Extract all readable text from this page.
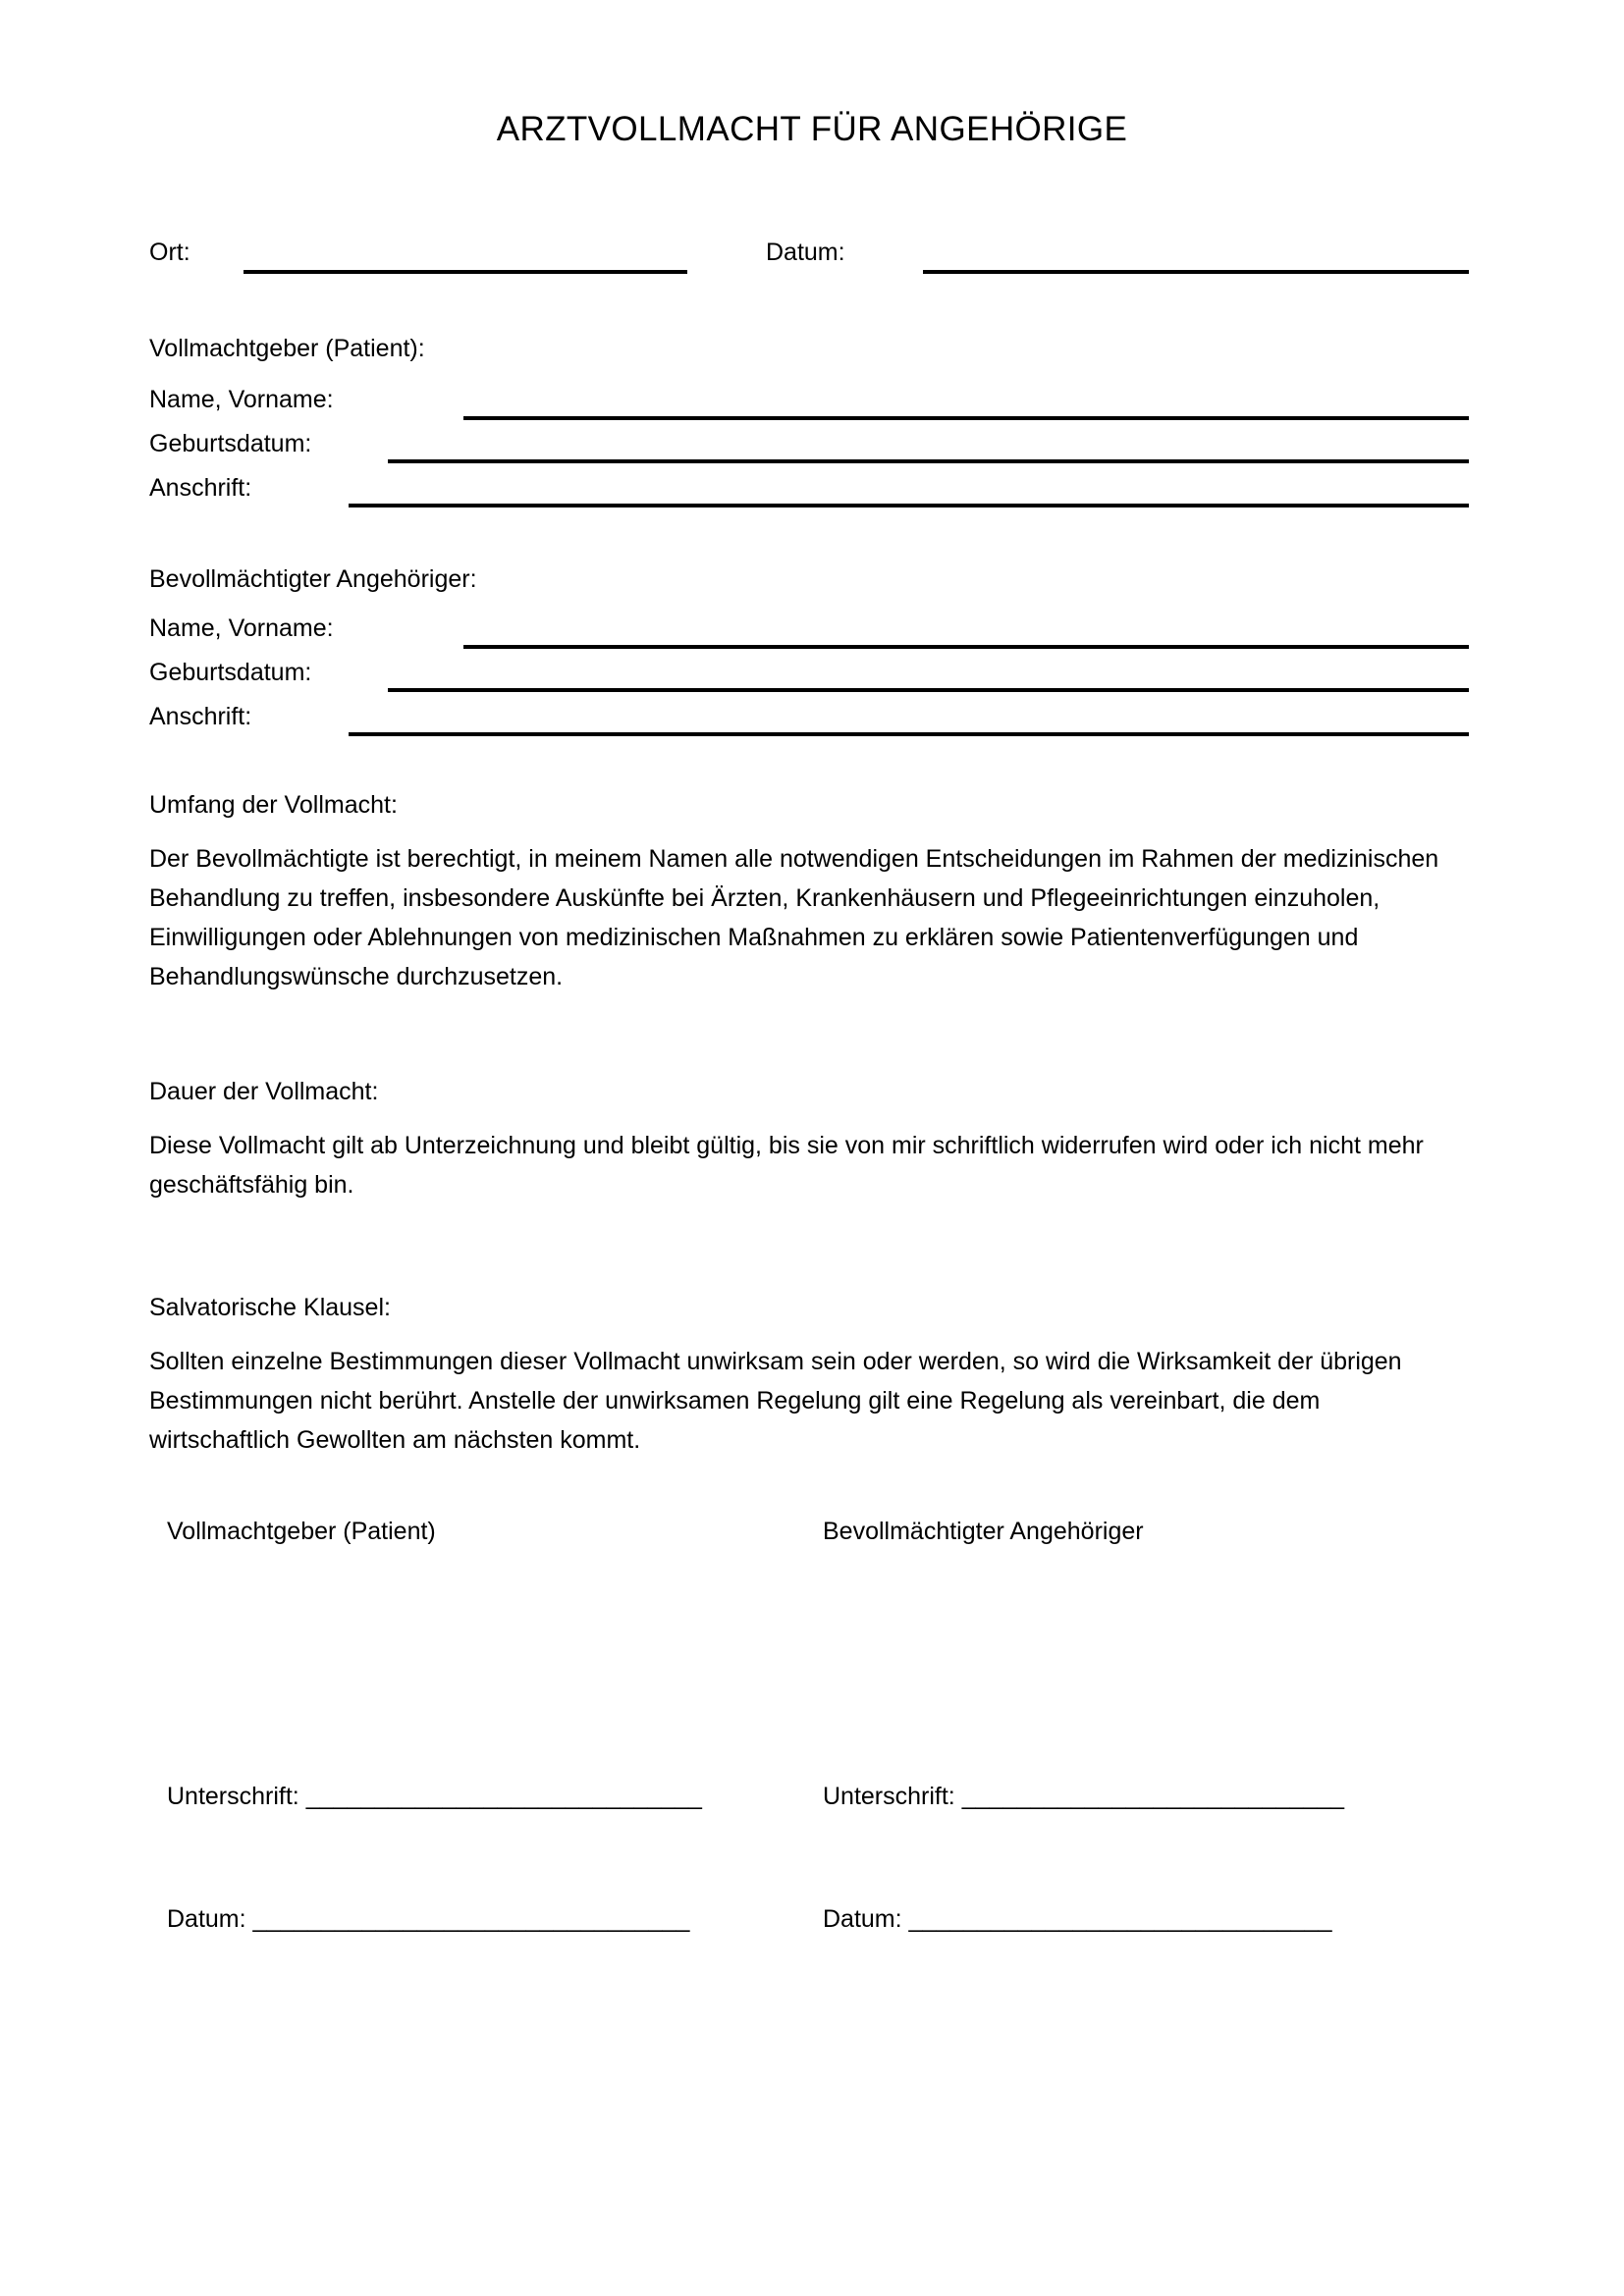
ARZTVOLLMACHT FÜR ANGEHÖRIGE
Ort:	Datum:
Vollmachtgeber (Patient):
Name, Vorname:
Geburtsdatum:
Anschrift:
Bevollmächtigter Angehöriger:
Name, Vorname:
Geburtsdatum:
Anschrift:
Umfang der Vollmacht:
Der Bevollmächtigte ist berechtigt, in meinem Namen alle notwendigen Entscheidungen im Rahmen der medizinischen Behandlung zu treffen, insbesondere Auskünfte bei Ärzten, Krankenhäusern und Pflegeeinrichtungen einzuholen, Einwilligungen oder Ablehnungen von medizinischen Maßnahmen zu erklären sowie Patientenverfügungen und Behandlungswünsche durchzusetzen.
Dauer der Vollmacht:
Diese Vollmacht gilt ab Unterzeichnung und bleibt gültig, bis sie von mir schriftlich widerrufen wird oder ich nicht mehr geschäftsfähig bin.
Salvatorische Klausel:
Sollten einzelne Bestimmungen dieser Vollmacht unwirksam sein oder werden, so wird die Wirksamkeit der übrigen Bestimmungen nicht berührt. Anstelle der unwirksamen Regelung gilt eine Regelung als vereinbart, die dem wirtschaftlich Gewollten am nächsten kommt.
Vollmachtgeber (Patient)	Bevollmächtigter Angehöriger
Unterschrift: _____________________________	Unterschrift: ____________________________
Datum: ________________________________	Datum: _______________________________
